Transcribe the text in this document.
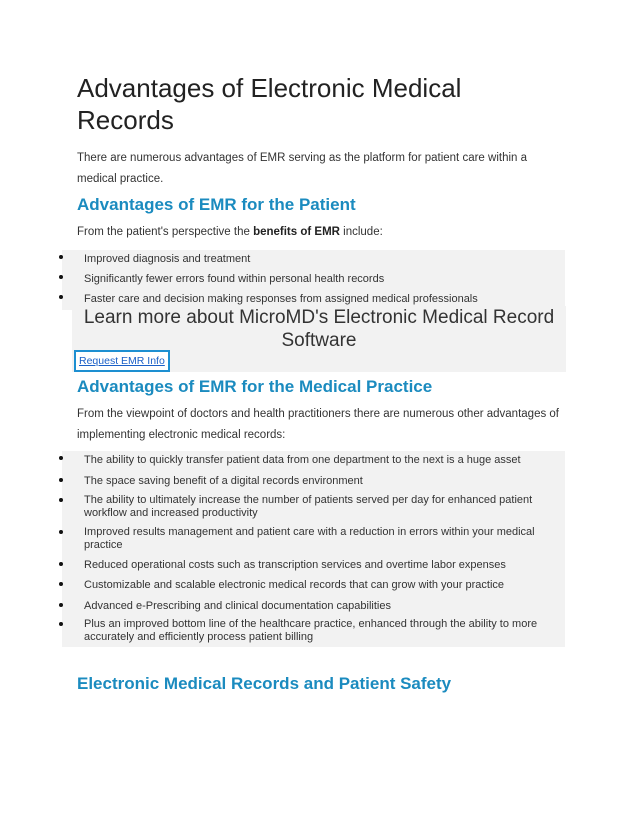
Advantages of Electronic Medical Records

There are numerous advantages of EMR serving as the platform for patient care within a medical practice.

Advantages of EMR for the Patient

From the patient's perspective the benefits of EMR include:

Improved diagnosis and treatment
Significantly fewer errors found within personal health records
Faster care and decision making responses from assigned medical professionals
Learn more about MicroMD's Electronic Medical Record Software
Request EMR Info
Advantages of EMR for the Medical Practice

From the viewpoint of doctors and health practitioners there are numerous other advantages of implementing electronic medical records:

The ability to quickly transfer patient data from one department to the next is a huge asset
The space saving benefit of a digital records environment
The ability to ultimately increase the number of patients served per day for enhanced patient workflow and increased productivity
Improved results management and patient care with a reduction in errors within your medical practice
Reduced operational costs such as transcription services and overtime labor expenses
Customizable and scalable electronic medical records that can grow with your practice
Advanced e-Prescribing and clinical documentation capabilities
Plus an improved bottom line of the healthcare practice, enhanced through the ability to more accurately and efficiently process patient billing
Electronic Medical Records and Patient Safety
